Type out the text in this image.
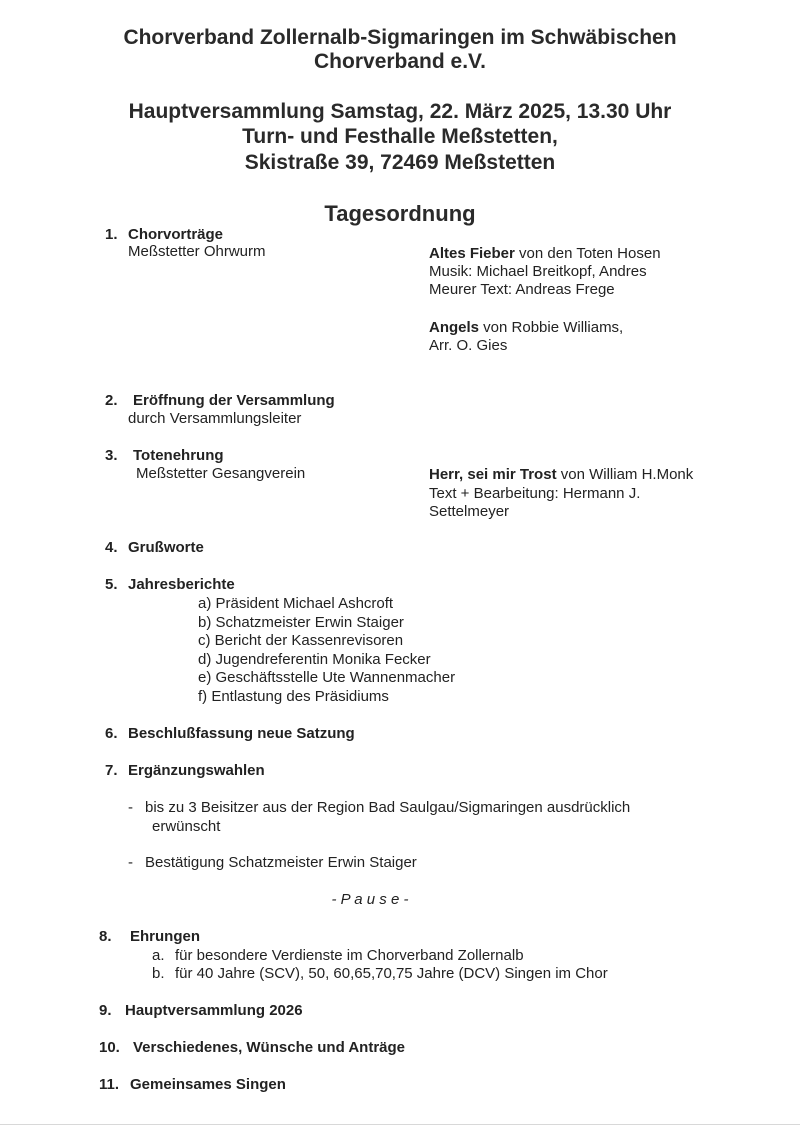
Chorverband Zollernalb-Sigmaringen im Schwäbischen
Chorverband e.V.
Hauptversammlung Samstag, 22. März 2025, 13.30 Uhr
Turn- und Festhalle Meßstetten,
Skistraße 39, 72469 Meßstetten
Tagesordnung
1. Chorvorträge
Meßstetter Ohrwurm	Altes Fieber von den Toten Hosen
Musik: Michael Breitkopf, Andres
Meurer Text: Andreas Frege
Angels von Robbie Williams,
Arr. O. Gies
2. Eröffnung der Versammlung
durch Versammlungsleiter
3. Totenehrung
Meßstetter Gesangverein	Herr, sei mir Trost von William H.Monk
Text + Bearbeitung: Hermann J.
Settelmeyer
4. Grußworte
5. Jahresberichte
a) Präsident Michael Ashcroft
b) Schatzmeister Erwin Staiger
c) Bericht der Kassenrevisoren
d) Jugendreferentin Monika Fecker
e) Geschäftsstelle Ute Wannenmacher
f) Entlastung des Präsidiums
6. Beschlußfassung neue Satzung
7. Ergänzungswahlen
- bis zu 3 Beisitzer aus der Region Bad Saulgau/Sigmaringen ausdrücklich
erwünscht
- Bestätigung Schatzmeister Erwin Staiger
- P a u s e -
8. Ehrungen
a. für besondere Verdienste im Chorverband Zollernalb
b. für 40 Jahre (SCV), 50, 60,65,70,75 Jahre (DCV) Singen im Chor
9. Hauptversammlung 2026
10. Verschiedenes, Wünsche und Anträge
11. Gemeinsames Singen
